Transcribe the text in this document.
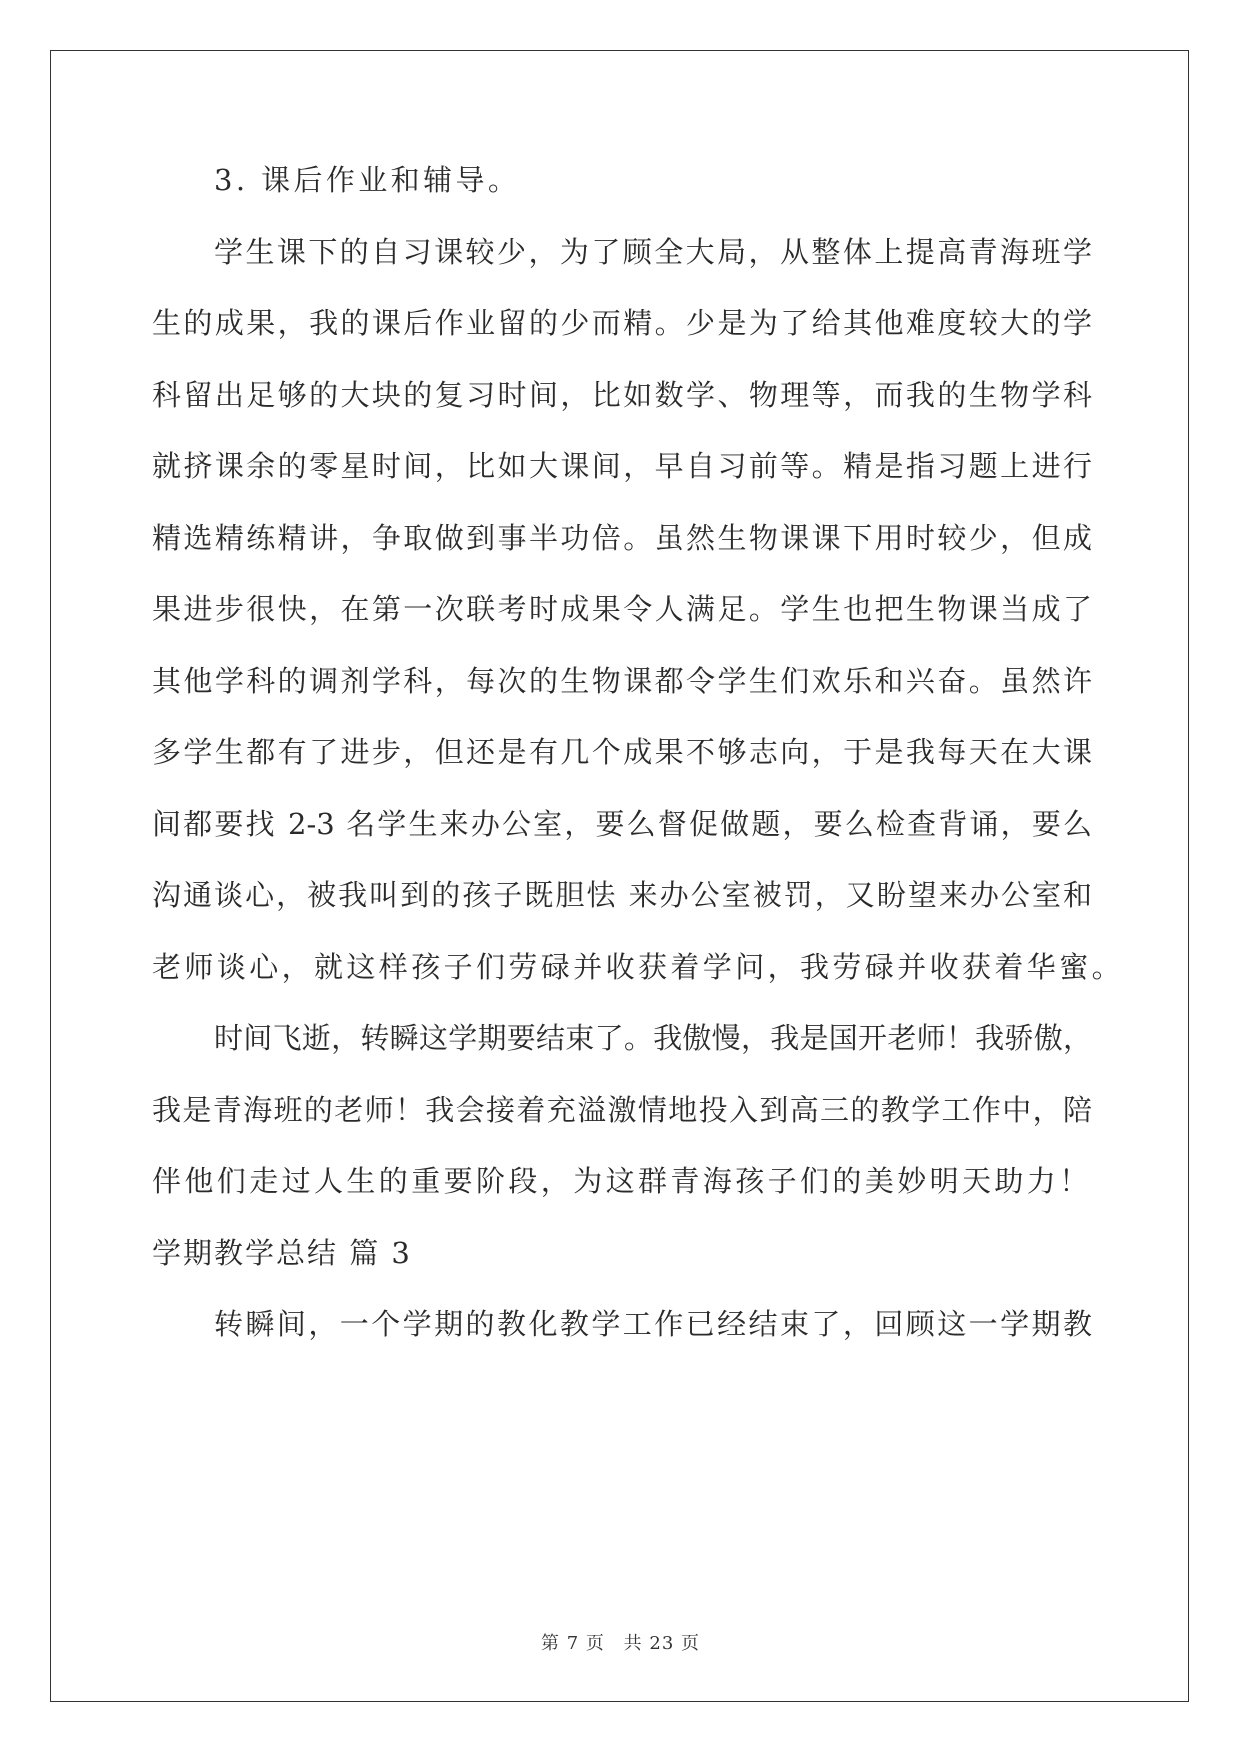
3. 课后作业和辅导。
学生课下的自习课较少，为了顾全大局，从整体上提高青海班学
生的成果，我的课后作业留的少而精。少是为了给其他难度较大的学
科留出足够的大块的复习时间，比如数学、物理等，而我的生物学科
就挤课余的零星时间，比如大课间，早自习前等。精是指习题上进行
精选精练精讲，争取做到事半功倍。虽然生物课课下用时较少，但成
果进步很快，在第一次联考时成果令人满足。学生也把生物课当成了
其他学科的调剂学科，每次的生物课都令学生们欢乐和兴奋。虽然许
多学生都有了进步，但还是有几个成果不够志向，于是我每天在大课
间都要找 2-3 名学生来办公室，要么督促做题，要么检查背诵，要么
沟通谈心，被我叫到的孩子既胆怯 来办公室被罚，又盼望来办公室和
老师谈心，就这样孩子们劳碌并收获着学问，我劳碌并收获着华蜜。
时间飞逝，转瞬这学期要结束了。我傲慢，我是国开老师！我骄傲，
我是青海班的老师！我会接着充溢激情地投入到高三的教学工作中，陪
伴他们走过人生的重要阶段，为这群青海孩子们的美妙明天助力！
学期教学总结 篇 3
转瞬间，一个学期的教化教学工作已经结束了，回顾这一学期教
第 7 页 共 23 页
